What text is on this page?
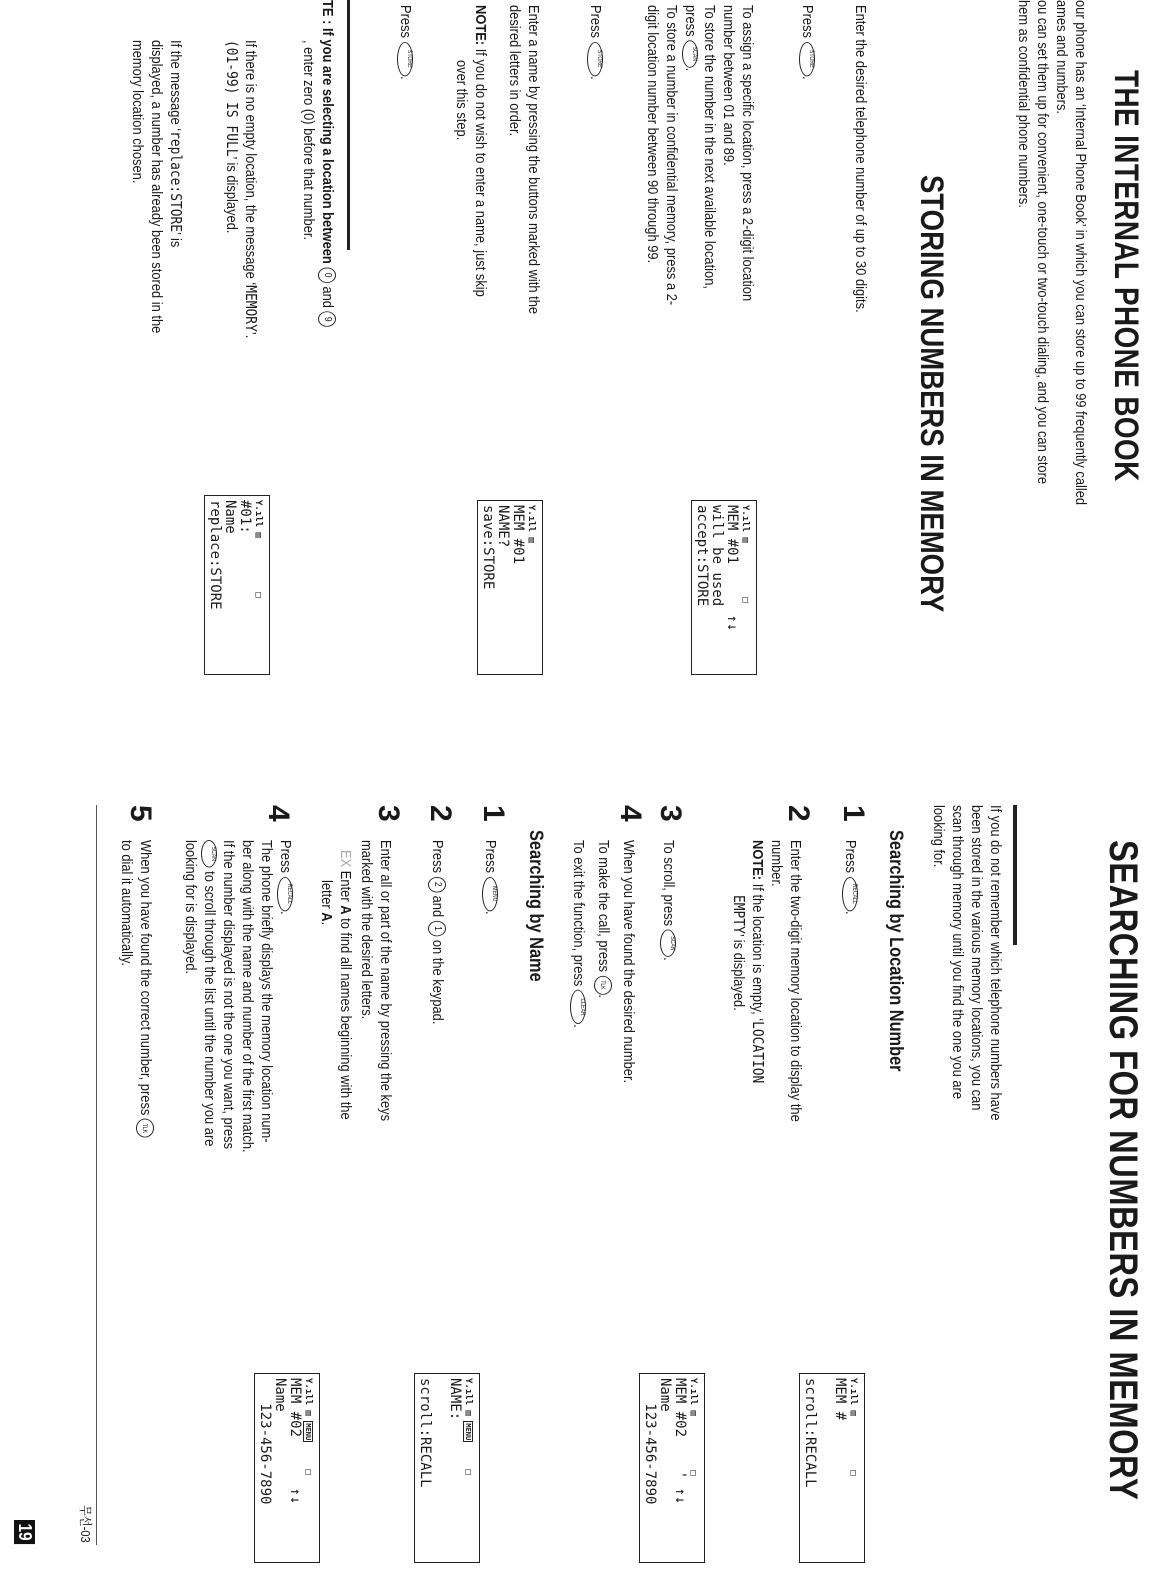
THE INTERNAL PHONE BOOK
our phone has an ‘Internal Phone Book’ in which you can store up to 99 frequently called
ames and numbers.
ou can set them up for convenient, one-touch or two-touch dialing, and you can store
hem as confidential phone numbers.
STORING NUMBERS IN MEMORY
Enter the desired telephone number of up to 30 digits.
Press STORE.
To assign a specific location, press a 2-digit location
number between 01 and 89.
To store the number in the next available location,
press SCAN.
To store a number in confidential memory, press a 2-
digit location number between 90 through 99.
Y.ıll ▥          □
MEM #01      ↑↓
will be used
accept:STORE
Press STORE.
Enter a name by pressing the buttons marked with the
desired letters in order.
NOTE: If you do not wish to enter a name, just skip
over this step.
Y.ıll ▥
MEM #01
NAME?
save:STORE
Press STORE.
TE : If you are selecting a location between 0 and 9
, enter zero (0) before that number.
If there is no empty location, the message ‘MEMORY’.
(01-99) IS FULL’ is displayed.
If the message ‘replace:STORE’ is
displayed, a number has already been stored in the
memory location chosen.
Y.ıll ▥          □
#01:
Name
replace:STORE
SEARCHING FOR NUMBERS IN MEMORY
If you do not remember which telephone numbers have
been stored in the various memory locations, you can
scan through memory until you find the one you are
looking for.
Searching by Location Number
1
Press RECALL.
2
Enter the two-digit memory location to display the
number.
NOTE: If the location is empty, ‘LOCATION
EMPTY’ is displayed.
3
To scroll, press SCAN.
4
When you have found the desired number.
To make the call, press TLK.
To exit the function, press CLEAR.
Searching by Name
1
Press MENU.
2
Press 2 and 1 on the keypad.
3
Enter all or part of the name by pressing the keys
marked with the desired letters.
EX Enter A to find all names beginning with the
letter A.
4
Press RECALL.
The phone briefly displays the memory location num-
ber along with the name and number of the first match.
If the number displayed is not the one you want, press
SCAN to scroll through the list until the number you are
looking for is displayed.
5
When you have found the correct number, press TLK
to dial it automatically.
Y.ıll ▥          □
MEM #

scroll:RECALL
Y.ıll ▥          □
MEM #02    ' ↑↓
Name
123-456-7890
Y.ıll ▥ MENU     □
NAME:

scroll:RECALL
Y.ıll ▥ MENU     □
MEM #02      ↑↓
Name
123-456-7890
무선-03
19
